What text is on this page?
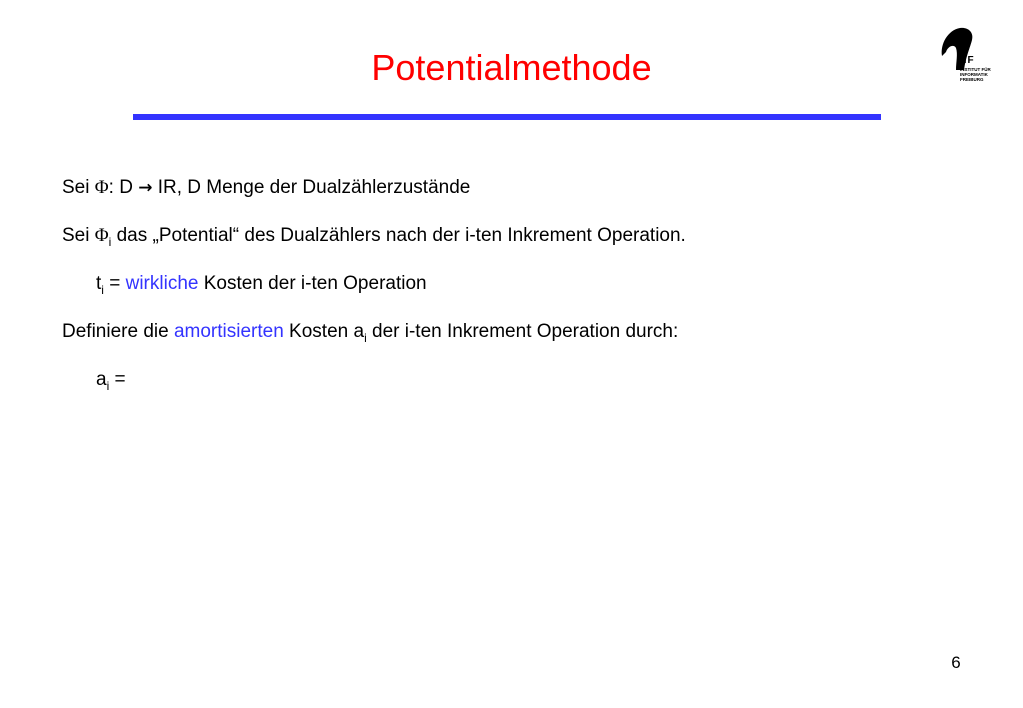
Potentialmethode	IIF
INSTITUT FÜR
INFORMATIK
FREIBURG
Sei Φ: D → IR, D Menge der Dualzählerzustände
Sei $\Phi_i$ das „Potential“ des Dualzählers nach der i-ten Inkrement Operation.
$t_i$ = wirkliche Kosten der i-ten Operation
Definiere die amortisierten Kosten $a_i$ der i-ten Inkrement Operation durch:
$a_i$ =
6
